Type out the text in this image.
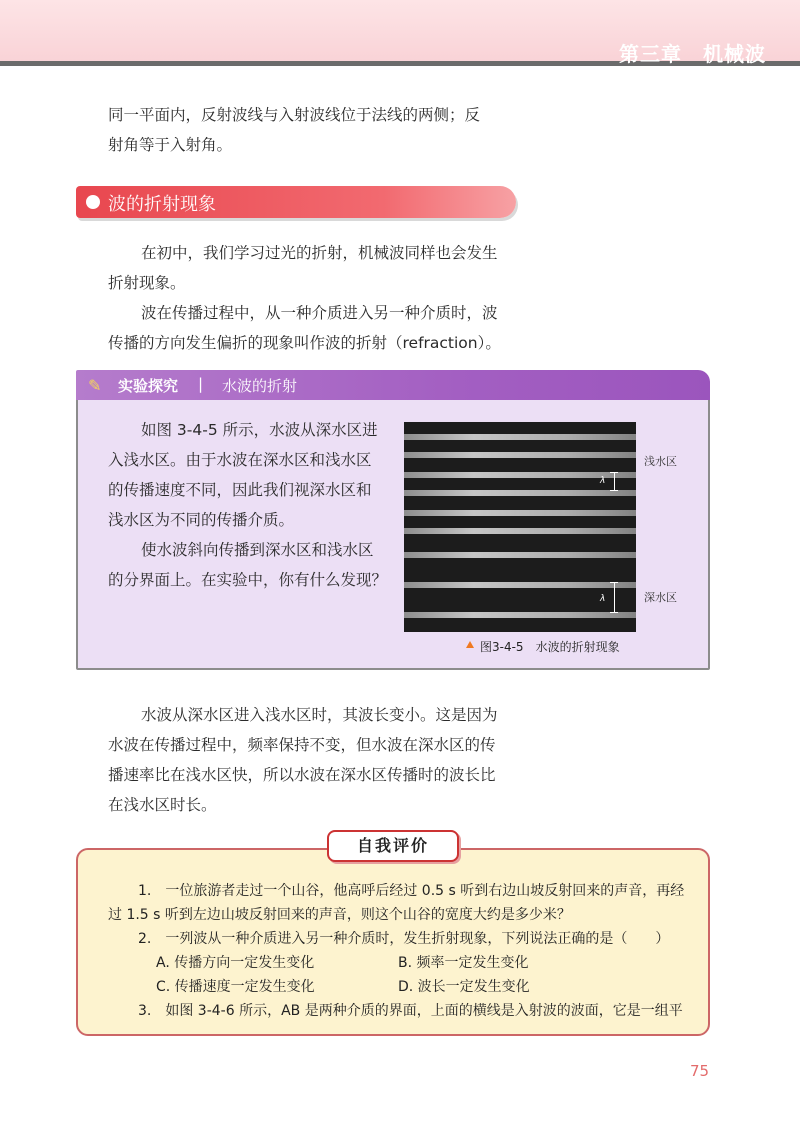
第三章　机械波
同一平面内，反射波线与入射波线位于法线的两侧；反
射角等于入射角。
波的折射现象
在初中，我们学习过光的折射，机械波同样也会发生
折射现象。
波在传播过程中，从一种介质进入另一种介质时，波
传播的方向发生偏折的现象叫作波的折射（refraction）。
✎ 实验探究 | 水波的折射
如图 3-4-5 所示，水波从深水区进
入浅水区。由于水波在深水区和浅水区
的传播速度不同，因此我们视深水区和
浅水区为不同的传播介质。
使水波斜向传播到深水区和浅水区
的分界面上。在实验中，你有什么发现？
λ
λ
浅水区
深水区
图3-4-5　水波的折射现象
水波从深水区进入浅水区时，其波长变小。这是因为
水波在传播过程中，频率保持不变，但水波在深水区的传
播速率比在浅水区快，所以水波在深水区传播时的波长比
在浅水区时长。
自我评价
1.　一位旅游者走过一个山谷，他高呼后经过 0.5 s 听到右边山坡反射回来的声音，再经
过 1.5 s 听到左边山坡反射回来的声音，则这个山谷的宽度大约是多少米？
2.　一列波从一种介质进入另一种介质时，发生折射现象，下列说法正确的是（　　）
A. 传播方向一定发生变化	B. 频率一定发生变化
C. 传播速度一定发生变化	D. 波长一定发生变化
3.　如图 3-4-6 所示，AB 是两种介质的界面，上面的横线是入射波的波面，它是一组平
75
